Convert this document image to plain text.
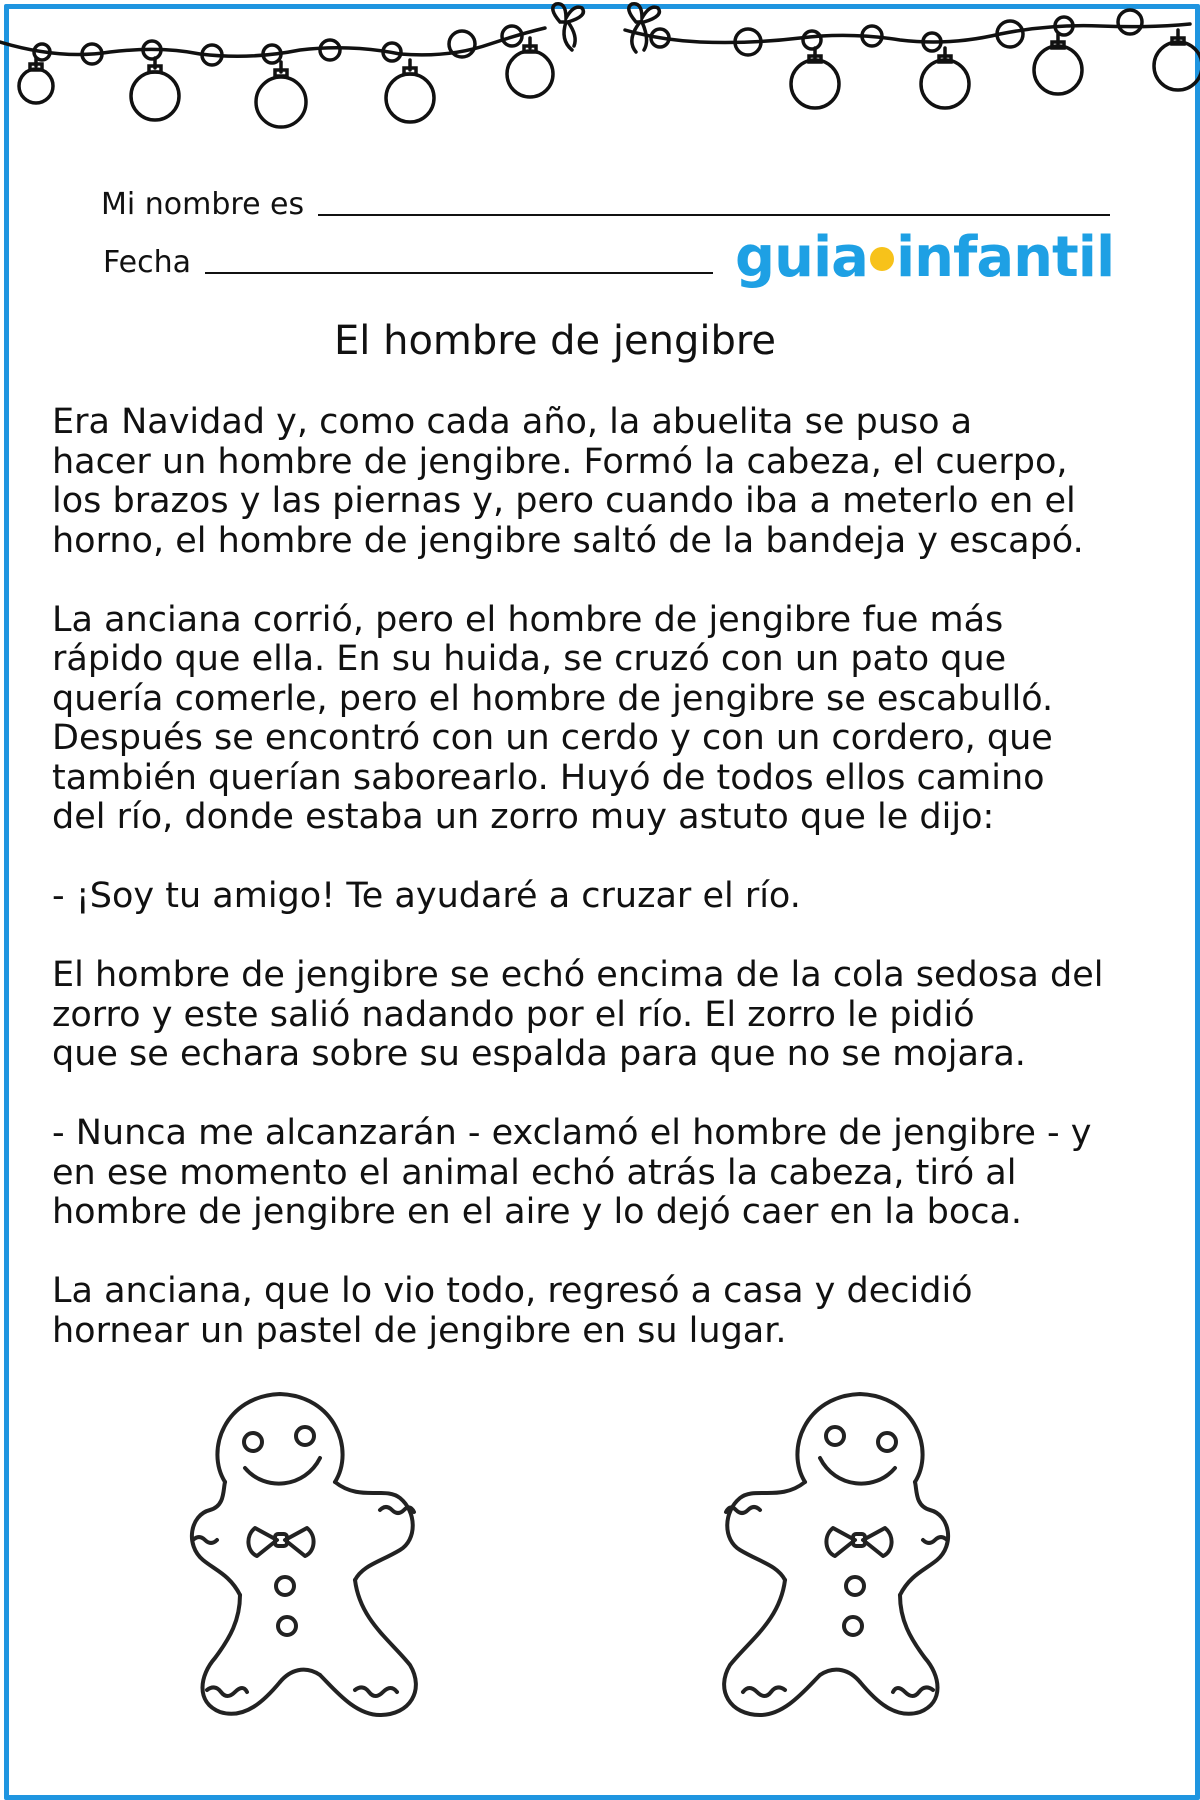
Mi nombre es
Fecha	guia infantil
El hombre de jengibre

Era Navidad y, como cada año, la abuelita se puso a
hacer un hombre de jengibre. Formó la cabeza, el cuerpo,
los brazos y las piernas y, pero cuando iba a meterlo en el
horno, el hombre de jengibre saltó de la bandeja y escapó.

La anciana corrió, pero el hombre de jengibre fue más
rápido que ella. En su huida, se cruzó con un pato que
quería comerle, pero el hombre de jengibre se escabulló.
Después se encontró con un cerdo y con un cordero, que
también querían saborearlo. Huyó de todos ellos camino
del río, donde estaba un zorro muy astuto que le dijo:

- ¡Soy tu amigo! Te ayudaré a cruzar el río.

El hombre de jengibre se echó encima de la cola sedosa del
zorro y este salió nadando por el río. El zorro le pidió
que se echara sobre su espalda para que no se mojara.

- Nunca me alcanzarán - exclamó el hombre de jengibre - y
en ese momento el animal echó atrás la cabeza, tiró al
hombre de jengibre en el aire y lo dejó caer en la boca.

La anciana, que lo vio todo, regresó a casa y decidió
hornear un pastel de jengibre en su lugar.
